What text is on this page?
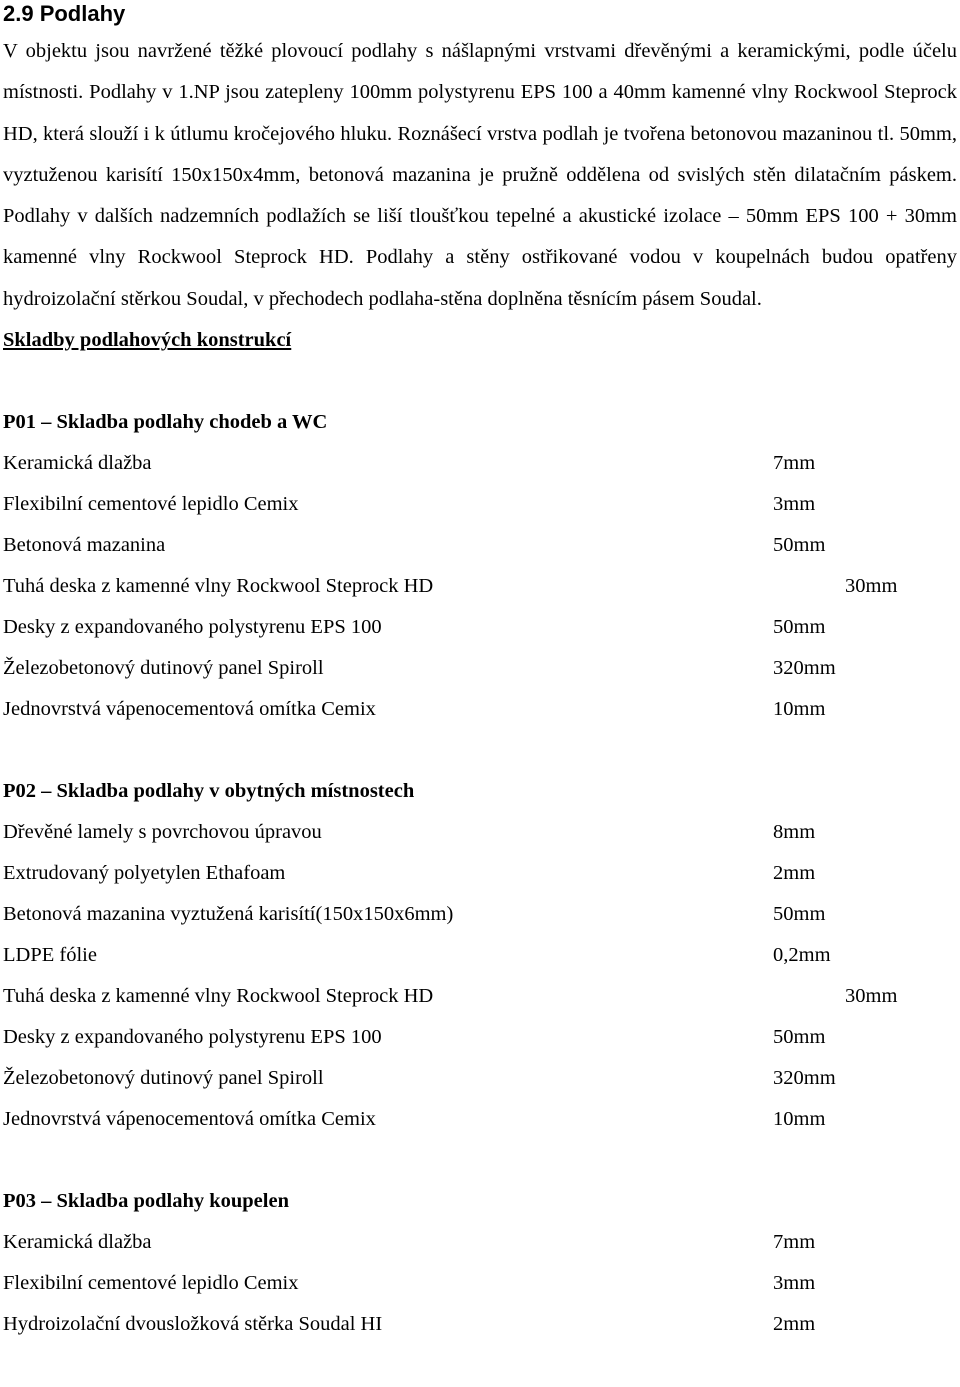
2.9 Podlahy

V objektu jsou navržené těžké plovoucí podlahy s nášlapnými vrstvami dřevěnými a keramickými, podle účelu místnosti. Podlahy v 1.NP jsou zatepleny 100mm polystyrenu EPS 100 a 40mm kamenné vlny Rockwool Steprock HD, která slouží i k útlumu kročejového hluku. Roznášecí vrstva podlah je tvořena betonovou mazaninou tl. 50mm, vyztuženou karisítí 150x150x4mm, betonová mazanina je pružně oddělena od svislých stěn dilatačním páskem. Podlahy v dalších nadzemních podlažích se liší tloušťkou tepelné a akustické izolace – 50mm EPS 100 + 30mm kamenné vlny Rockwool Steprock HD. Podlahy a stěny ostřikované vodou v koupelnách budou opatřeny hydroizolační stěrkou Soudal, v přechodech podlaha-stěna doplněna těsnícím pásem Soudal.

Skladby podlahových konstrukcí

P01 – Skladba podlahy chodeb a WC

Keramická dlažba	7mm
Flexibilní cementové lepidlo Cemix	3mm
Betonová mazanina	50mm
Tuhá deska z kamenné vlny Rockwool Steprock HD	30mm
Desky z expandovaného polystyrenu EPS 100	50mm
Železobetonový dutinový panel Spiroll	320mm
Jednovrstvá vápenocementová omítka Cemix	10mm

P02 – Skladba podlahy v obytných místnostech

Dřevěné lamely s povrchovou úpravou	8mm
Extrudovaný polyetylen Ethafoam	2mm
Betonová mazanina vyztužená karisítí(150x150x6mm)	50mm
LDPE fólie	0,2mm
Tuhá deska z kamenné vlny Rockwool Steprock HD	30mm
Desky z expandovaného polystyrenu EPS 100	50mm
Železobetonový dutinový panel Spiroll	320mm
Jednovrstvá vápenocementová omítka Cemix	10mm

P03 – Skladba podlahy koupelen

Keramická dlažba	7mm
Flexibilní cementové lepidlo Cemix	3mm
Hydroizolační dvousložková stěrka Soudal HI	2mm
